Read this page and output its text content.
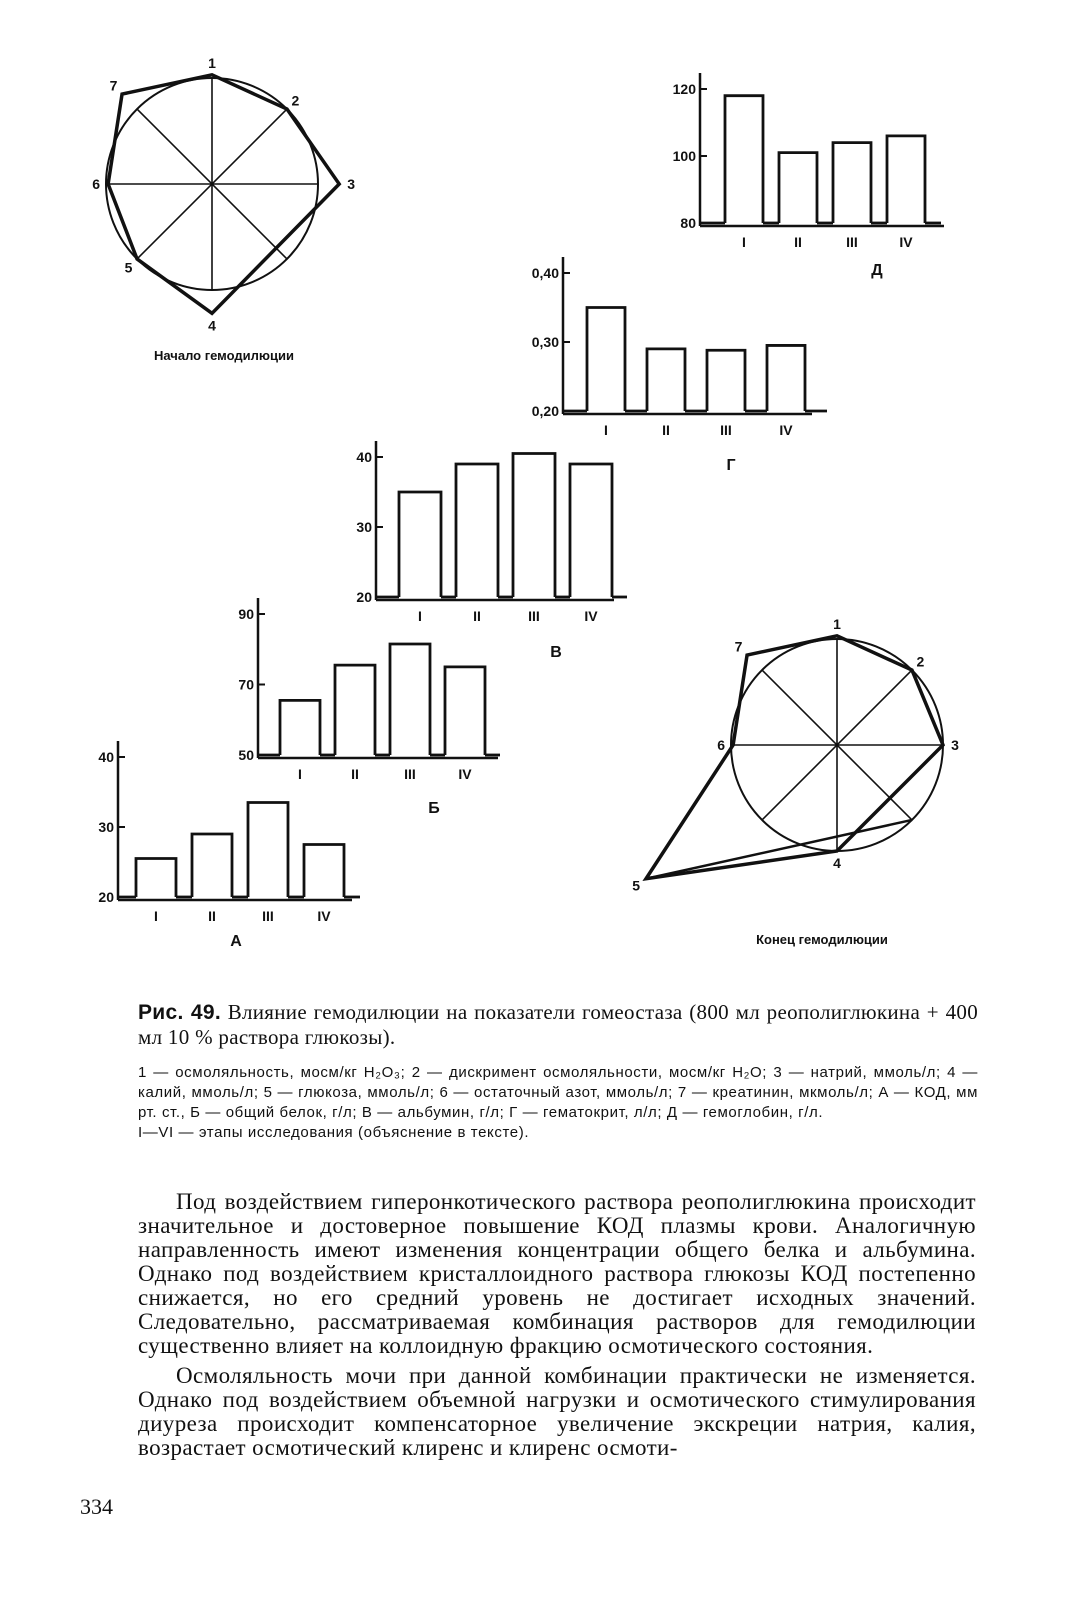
1
2
3
4
5
6
7
Начало гемодилюции
1
2
3
4
5
6
7
Конец гемодилюции
20
30
40
I	II	III	IV
А
50
70
90
I	II	III	IV
Б
20
30
40
I	II	III	IV
В
0,20
0,30
0,40
I	II	III	IV
Г
80
100
120
I	II	III	IV
Д
Рис. 49. Влияние гемодилюции на показатели гомеостаза (800 мл реополиглюкина + 400 мл 10 % раствора глюкозы).

1 — осмоляльность, мосм/кг H₂O₃; 2 — дискримент осмоляльности, мосм/кг H₂O; 3 — натрий, ммоль/л; 4 — калий, ммоль/л; 5 — глюкоза, ммоль/л; 6 — остаточный азот, ммоль/л; 7 — креатинин, мкмоль/л; А — КОД, мм рт. ст., Б — общий белок, г/л; В — альбумин, г/л; Г — гематокрит, л/л; Д — гемоглобин, г/л.

I—VI — этапы исследования (объяснение в тексте).

Под воздействием гиперонкотического раствора реополиглюкина происходит значительное и достоверное повышение КОД плазмы крови. Аналогичную направленность имеют изменения концентрации общего белка и альбумина. Однако под воздействием кристаллоидного раствора глюкозы КОД постепенно снижается, но его средний уровень не достигает исходных значений. Следовательно, рассматриваемая комбинация растворов для гемодилюции существенно влияет на коллоидную фракцию осмотического состояния.

Осмоляльность мочи при данной комбинации практически не изменяется. Однако под воздействием объемной нагрузки и осмотического стимулирования диуреза происходит компенсаторное увеличение экскреции натрия, калия, возрастает осмотический клиренс и клиренс осмоти-

334
